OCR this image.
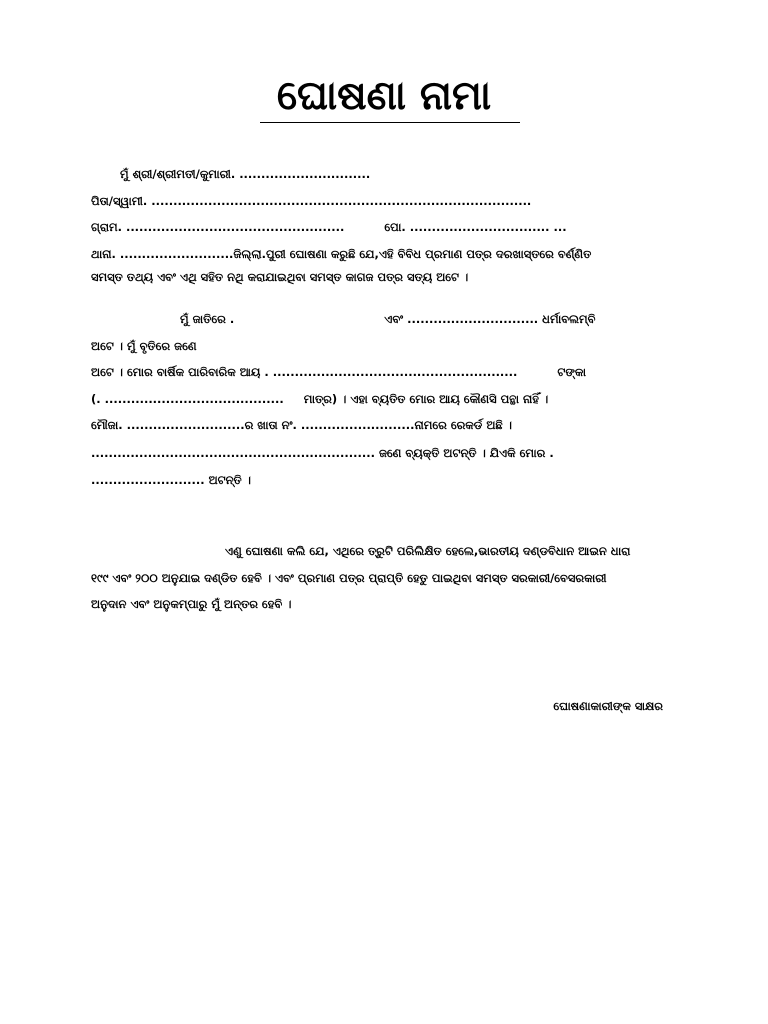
ଘୋଷଣା ନାମା
ମୁଁ ଶ୍ରୀ/ଶ୍ରୀମତୀ/କୁମାରୀ. ..............................
ପିତା/ସ୍ୱାମୀ. .......................................................................................
ଗ୍ରାମ. ..................................................	ପୋ. ................................ ...
ଥାନା. ..........................ଜିଲ୍ଲା.ପୁରୀ ଘୋଷଣା କରୁଛି ଯେ,ଏହି ବିବିଧ ପ୍ରମାଣ ପତ୍ର ଦରଖାସ୍ତରେ ବର୍ଣ୍ଣିତ
ସମସ୍ତ ତଥ୍ୟ ଏବଂ ଏଥି ସହିତ ନଥି କରାଯାଇଥିବା ସମସ୍ତ କାଗଜ ପତ୍ର ସତ୍ୟ ଅଟେ ।
ମୁଁ ଜାତିରେ .	ଏବଂ .............................. ଧର୍ମାବଲମ୍ବି
ଅଟେ । ମୁଁ ବୃତିରେ ଜଣେ
ଅଟେ । ମୋର ବାର୍ଷିକ ପାରିବାରିକ ଆୟ . ........................................................	ଟଙ୍କା
(. ......................................... ମାତ୍ର) । ଏହା ବ୍ୟତିତ ମୋର ଆୟ କୌଣସି ପନ୍ଥା ନାହିଁ ।
ମୌଜା. ...........................ର ଖାତା ନଂ. ..........................ନାମରେ ରେକର୍ଡ ଅଛି ।
................................................................. ଜଣେ ବ୍ୟକ୍ତି ଅଟନ୍ତି । ଯିଏକି ମୋର .
.......................... ଅଟନ୍ତି ।
ଏଣୁ ଘୋଷଣା କଲି ଯେ, ଏଥିରେ ତ୍ରୁଟି ପରିଲିକ୍ଷିତ ହେଲେ,ଭାରତୀୟ ଦଣ୍ଡବିଧାନ ଆଇନ ଧାରା
୧୯୯ ଏବଂ ୨୦୦ ଅନୁଯାଇ ଦଣ୍ଡିତ ହେବି । ଏବଂ ପ୍ରମାଣ ପତ୍ର ପ୍ରାପ୍ତି ହେତୁ ପାଇଥିବା ସମସ୍ତ ସରକାରୀ/ବେସରକାରୀ
ଅନୁଦାନ ଏବଂ ଅନୁକମ୍ପାରୁ ମୁଁ ଅନ୍ତର ହେବି ।
ଘୋଷଣାକାରୀଙ୍କ ସାକ୍ଷର
